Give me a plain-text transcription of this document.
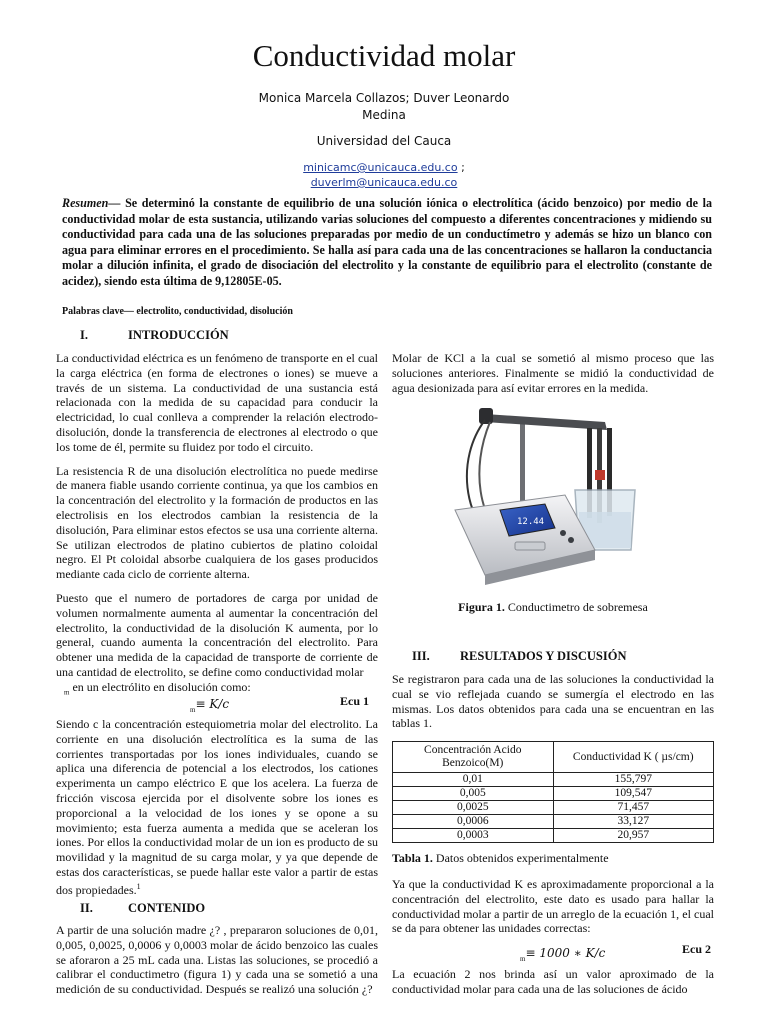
Conductividad molar
Monica Marcela Collazos; Duver Leonardo
Medina
Universidad del Cauca
minicamc@unicauca.edu.co ;
duverlm@unicauca.edu.co
Resumen— Se determinó la constante de equilibrio de una solución iónica o electrolítica (ácido benzoico) por medio de la conductividad molar de esta sustancia, utilizando varias soluciones del compuesto a diferentes concentraciones y midiendo su conductividad para cada una de las soluciones preparadas por medio de un conductímetro y además se hizo un blanco con agua para eliminar errores en el procedimiento. Se halla así para cada una de las concentraciones se hallaron la conductancia molar a dilución infinita, el grado de disociación del electrolito y la constante de equilibrio para el electrolito (constante de acidez), siendo esta última de 9,12805E-05.
Palabras clave— electrolito, conductividad, disolución
I.	INTRODUCCIÓN

La conductividad eléctrica es un fenómeno de transporte en el cual la carga eléctrica (en forma de electrones o iones) se mueve a través de un sistema. La conductividad de una sustancia está relacionada con la medida de su capacidad para conducir la electricidad, lo cual conlleva a comprender la relación electrodo-disolución, donde la transferencia de electrones al electrodo o que los tome de él, permite su fluidez por todo el circuito.

La resistencia R de una disolución electrolítica no puede medirse de manera fiable usando corriente continua, ya que los cambios en la concentración del electrolito y la formación de productos en las electrolisis en los electrodos cambian la resistencia de la disolución, Para eliminar estos efectos se usa una corriente alterna. Se utilizan electrodos de platino cubiertos de platino coloidal negro. El Pt coloidal absorbe cualquiera de los gases producidos mediante cada ciclo de corriente alterna.

Puesto que el numero de portadores de carga por unidad de volumen normalmente aumenta al aumentar la concentración del electrolito, la conductividad de la disolución K aumenta, por lo general, cuando aumenta la concentración del electrolito. Para obtener una medida de la capacidad de transporte de corriente de una cantidad de electrolito, se define como conductividad molar

$_m$ en un electrólito en disolución como:
$_m$≡ K/c	Ecu 1

Siendo c la concentración estequiometria molar del electrolito. La corriente en una disolución electrolítica es la suma de las corrientes transportadas por los iones individuales, cuando se aplica una diferencia de potencial a los electrodos, los cationes experimenta un campo eléctrico E que los acelera. La fuerza de fricción viscosa ejercida por el disolvente sobre los iones es proporcional a la velocidad de los iones y se opone a su movimiento; esta fuerza aumenta a medida que se aceleran los iones. Por ellos la conductividad molar de un ion es producto de su movilidad y la magnitud de su carga molar, y ya que depende de estas dos características, se puede hallar este valor a partir de estas dos propiedades.$^1$

II.	CONTENIDO
A partir de una solución madre ¿? , prepararon soluciones de 0,01, 0,005, 0,0025, 0,0006 y 0,0003 molar de ácido benzoico las cuales se aforaron a 25 mL cada una. Listas las soluciones, se procedió a calibrar el conductimetro (figura 1) y cada una se sometió a una medición de su conductividad. Después se realizó una solución ¿?
Molar de KCl a la cual se sometió al mismo proceso que las soluciones anteriores. Finalmente se midió la conductividad de agua desionizada para así evitar errores en la medida.
12.44
Figura 1. Conductimetro de sobremesa
III. RESULTADOS Y DISCUSIÓN
Se registraron para cada una de las soluciones la conductividad la cual se vio reflejada cuando se sumergía el electrodo en las mismas. Los datos obtenidos para cada una se encuentran en las tablas 1.
Concentración Acido Benzoico(M)	Conductividad K ( µs/cm)
0,01	155,797
0,005	109,547
0,0025	71,457
0,0006	33,127
0,0003	20,957
Tabla 1. Datos obtenidos experimentalmente
Ya que la conductividad K es aproximadamente proporcional a la concentración del electrolito, este dato es usado para hallar la conductividad molar a partir de un arreglo de la ecuación 1, el cual se da para obtener las unidades correctas:
$_m$≡ 1000 ∗ K/c	Ecu 2
La ecuación 2 nos brinda así un valor aproximado de la conductividad molar para cada una de las soluciones de ácido
